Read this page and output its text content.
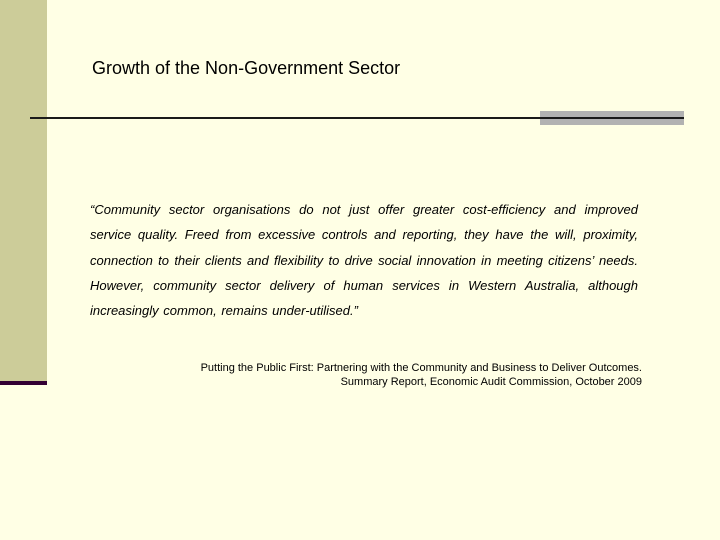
Growth of the Non-Government Sector

“Community sector organisations do not just offer greater cost-efficiency and improved service quality. Freed from excessive controls and reporting, they have the will, proximity, connection to their clients and flexibility to drive social innovation in meeting citizens’ needs. However, community sector delivery of human services in Western Australia, although increasingly common, remains under-utilised.”

Putting the Public First: Partnering with the Community and Business to Deliver Outcomes.
Summary Report, Economic Audit Commission, October 2009
